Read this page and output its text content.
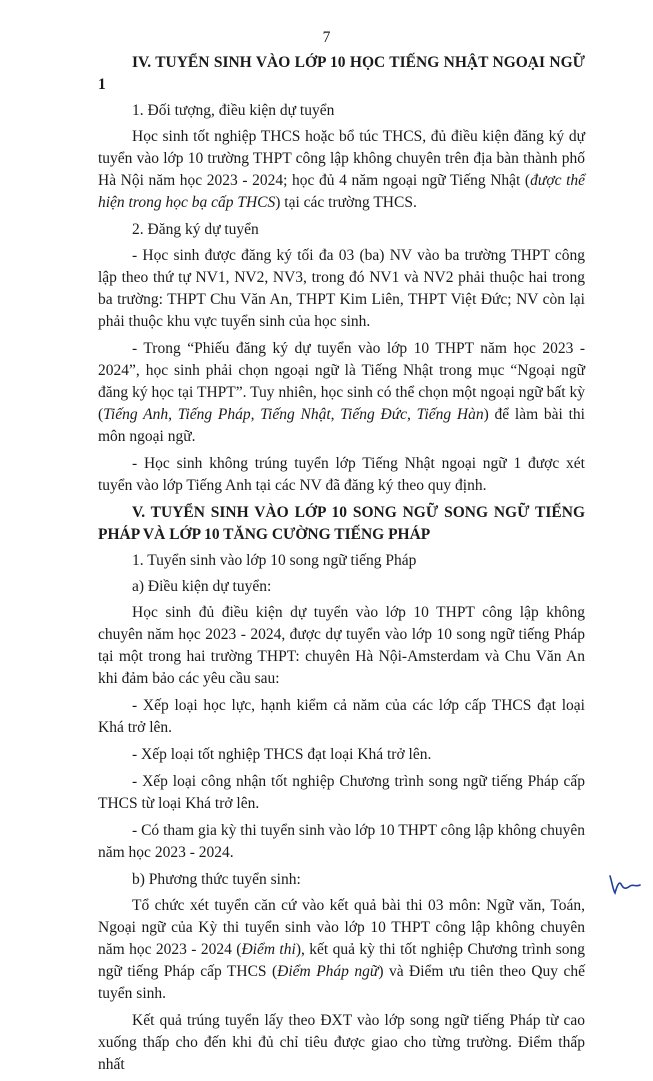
7
IV. TUYỂN SINH VÀO LỚP 10 HỌC TIẾNG NHẬT NGOẠI NGỮ 1
1. Đối tượng, điều kiện dự tuyển

Học sinh tốt nghiệp THCS hoặc bổ túc THCS, đủ điều kiện đăng ký dự tuyển vào lớp 10 trường THPT công lập không chuyên trên địa bàn thành phố Hà Nội năm học 2023 - 2024; học đủ 4 năm ngoại ngữ Tiếng Nhật (được thể hiện trong học bạ cấp THCS) tại các trường THCS.

2. Đăng ký dự tuyển

- Học sinh được đăng ký tối đa 03 (ba) NV vào ba trường THPT công lập theo thứ tự NV1, NV2, NV3, trong đó NV1 và NV2 phải thuộc hai trong ba trường: THPT Chu Văn An, THPT Kim Liên, THPT Việt Đức; NV còn lại phải thuộc khu vực tuyển sinh của học sinh.

- Trong “Phiếu đăng ký dự tuyển vào lớp 10 THPT năm học 2023 - 2024”, học sinh phải chọn ngoại ngữ là Tiếng Nhật trong mục “Ngoại ngữ đăng ký học tại THPT”. Tuy nhiên, học sinh có thể chọn một ngoại ngữ bất kỳ (Tiếng Anh, Tiếng Pháp, Tiếng Nhật, Tiếng Đức, Tiếng Hàn) để làm bài thi môn ngoại ngữ.

- Học sinh không trúng tuyển lớp Tiếng Nhật ngoại ngữ 1 được xét tuyển vào lớp Tiếng Anh tại các NV đã đăng ký theo quy định.

V. TUYỂN SINH VÀO LỚP 10 SONG NGỮ SONG NGỮ TIẾNG PHÁP VÀ LỚP 10 TĂNG CƯỜNG TIẾNG PHÁP
1. Tuyển sinh vào lớp 10 song ngữ tiếng Pháp
a) Điều kiện dự tuyển:

Học sinh đủ điều kiện dự tuyển vào lớp 10 THPT công lập không chuyên năm học 2023 - 2024, được dự tuyển vào lớp 10 song ngữ tiếng Pháp tại một trong hai trường THPT: chuyên Hà Nội-Amsterdam và Chu Văn An khi đảm bảo các yêu cầu sau:

- Xếp loại học lực, hạnh kiểm cả năm của các lớp cấp THCS đạt loại Khá trở lên.

- Xếp loại tốt nghiệp THCS đạt loại Khá trở lên.

- Xếp loại công nhận tốt nghiệp Chương trình song ngữ tiếng Pháp cấp THCS từ loại Khá trở lên.

- Có tham gia kỳ thi tuyển sinh vào lớp 10 THPT công lập không chuyên năm học 2023 - 2024.

b) Phương thức tuyển sinh:

Tổ chức xét tuyển căn cứ vào kết quả bài thi 03 môn: Ngữ văn, Toán, Ngoại ngữ của Kỳ thi tuyển sinh vào lớp 10 THPT công lập không chuyên năm học 2023 - 2024 (Điểm thi), kết quả kỳ thi tốt nghiệp Chương trình song ngữ tiếng Pháp cấp THCS (Điểm Pháp ngữ) và Điểm ưu tiên theo Quy chế tuyển sinh.

Kết quả trúng tuyển lấy theo ĐXT vào lớp song ngữ tiếng Pháp từ cao xuống thấp cho đến khi đủ chỉ tiêu được giao cho từng trường. Điểm thấp nhất
